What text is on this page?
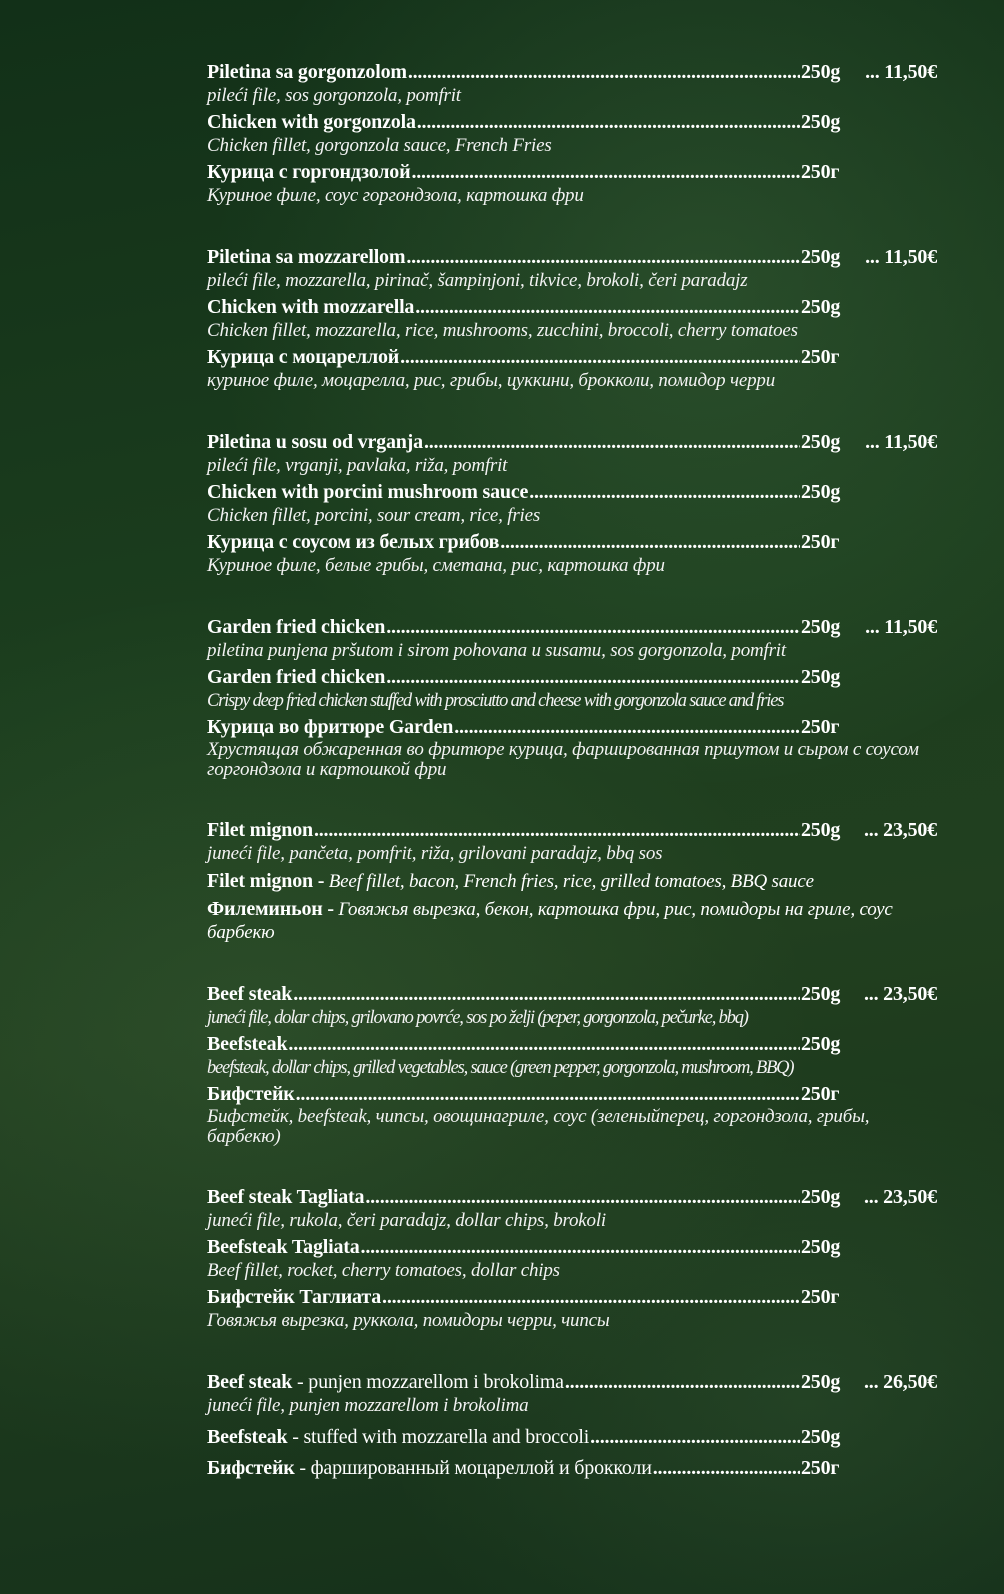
Piletina sa gorgonzolom .....	250g	... 11,50€
pileći file, sos gorgonzola, pomfrit
Chicken with gorgonzola .....	250g
Chicken fillet, gorgonzola sauce, French Fries
Курица с горгондзолой .....	250г
Куриное филе, соус горгондзола, картошка фри
Piletina sa mozzarellom .....	250g	... 11,50€
pileći file, mozzarella, pirinač, šampinjoni, tikvice, brokoli, čeri paradajz
Chicken with mozzarella .....	250g
Chicken fillet, mozzarella, rice, mushrooms, zucchini, broccoli, cherry tomatoes
Курица с моцареллой .....	250г
куриное филе, моцарелла, рис, грибы, цуккини, брокколи, помидор черри
Piletina u sosu od vrganja .....	250g	... 11,50€
pileći file, vrganji, pavlaka, riža, pomfrit
Chicken with porcini mushroom sauce .....	250g
Chicken fillet, porcini, sour cream, rice, fries
Курица с соусом из белых грибов .....	250г
Куриное филе, белые грибы, сметана, рис, картошка фри
Garden fried chicken .....	250g	... 11,50€
piletina punjena pršutom i sirom pohovana u susamu, sos gorgonzola, pomfrit
Garden fried chicken .....	250g
Crispy deep fried chicken stuffed with prosciutto and cheese with gorgonzola sauce and fries
Курица во фритюре Garden .....	250г
Хрустящая обжаренная во фритюре курица, фаршированная пршутом и сыром с соусом горгондзола и картошкой фри
Filet mignon .....	250g	... 23,50€
juneći file, pančeta, pomfrit, riža, grilovani paradajz, bbq sos
Filet mignon - Beef fillet, bacon, French fries, rice, grilled tomatoes, BBQ sauce
Филеминьон - Говяжья вырезка, бекон, картошка фри, рис, помидоры на гриле, соус барбекю
Beef steak .....	250g	... 23,50€
juneći file, dolar chips, grilovano povrće, sos po želji (peper, gorgonzola, pečurke, bbq)
Beefsteak .....	250g
beefsteak, dollar chips, grilled vegetables, sauce (green pepper, gorgonzola, mushroom, BBQ)
Бифстейк .....	250г
Бифстейк, beefsteak, чипсы, овощинагриле, соус (зеленыйперец, горгондзола, грибы, барбекю)
Beef steak Tagliata .....	250g	... 23,50€
juneći file, rukola, čeri paradajz, dollar chips, brokoli
Beefsteak Tagliata .....	250g
Beef fillet, rocket, cherry tomatoes, dollar chips
Бифстейк Таглиата .....	250г
Говяжья вырезка, руккола, помидоры черри, чипсы
Beef steak - punjen mozzarellom i brokolima .....	250g	... 26,50€
juneći file, punjen mozzarellom i brokolima
Beefsteak - stuffed with mozzarella and broccoli .....	250g
Бифстейк - фаршированный моцареллой и брокколи .....	250г
